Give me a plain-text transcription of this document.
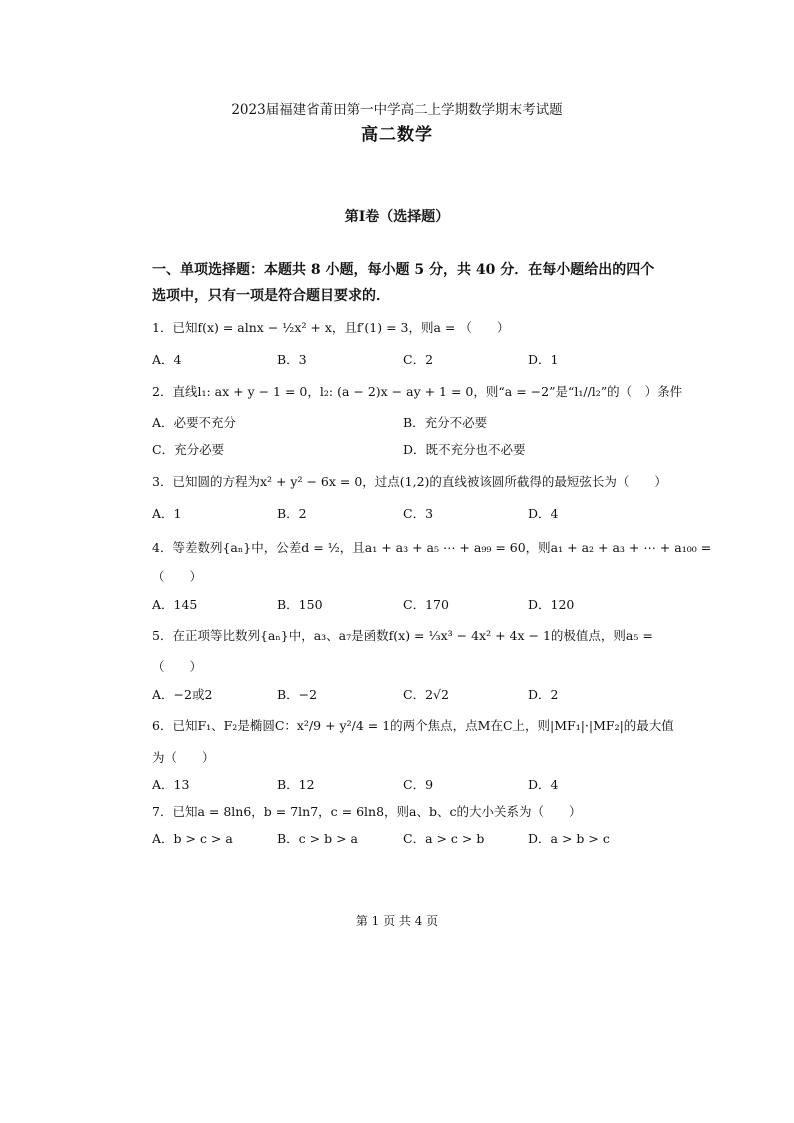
2023届福建省莆田第一中学高二上学期数学期末考试题
高二数学
第Ⅰ卷（选择题）
一、单项选择题：本题共 8 小题，每小题 5 分，共 40 分．在每小题给出的四个
选项中，只有一项是符合题目要求的．
1．已知f(x) = alnx − ½x² + x，且f′(1) = 3，则a = （　　）
A．4	B．3	C．2	D．1
2．直线l₁: ax + y − 1 = 0，l₂: (a − 2)x − ay + 1 = 0，则“a = −2”是“l₁//l₂”的（　）条件
A．必要不充分	B．充分不必要
C．充分必要	D．既不充分也不必要
3．已知圆的方程为x² + y² − 6x = 0，过点(1,2)的直线被该圆所截得的最短弦长为（　　）
A．1	B．2	C．3	D．4
4．等差数列{aₙ}中，公差d = ½，且a₁ + a₃ + a₅ ⋯ + a₉₉ = 60，则a₁ + a₂ + a₃ + ⋯ + a₁₀₀ =
（　　）
A．145	B．150	C．170	D．120
5．在正项等比数列{aₙ}中，a₃、a₇是函数f(x) = ⅓x³ − 4x² + 4x − 1的极值点，则a₅ =
（　　）
A．−2或2	B．−2	C．2√2	D．2
6．已知F₁、F₂是椭圆C：x²/9 + y²/4 = 1的两个焦点，点M在C上，则|MF₁|·|MF₂|的最大值
为（　　）
A．13	B．12	C．9	D．4
7．已知a = 8ln6，b = 7ln7，c = 6ln8，则a、b、c的大小关系为（　　）
A．b > c > a	B．c > b > a	C．a > c > b	D．a > b > c
第 1 页 共 4 页
